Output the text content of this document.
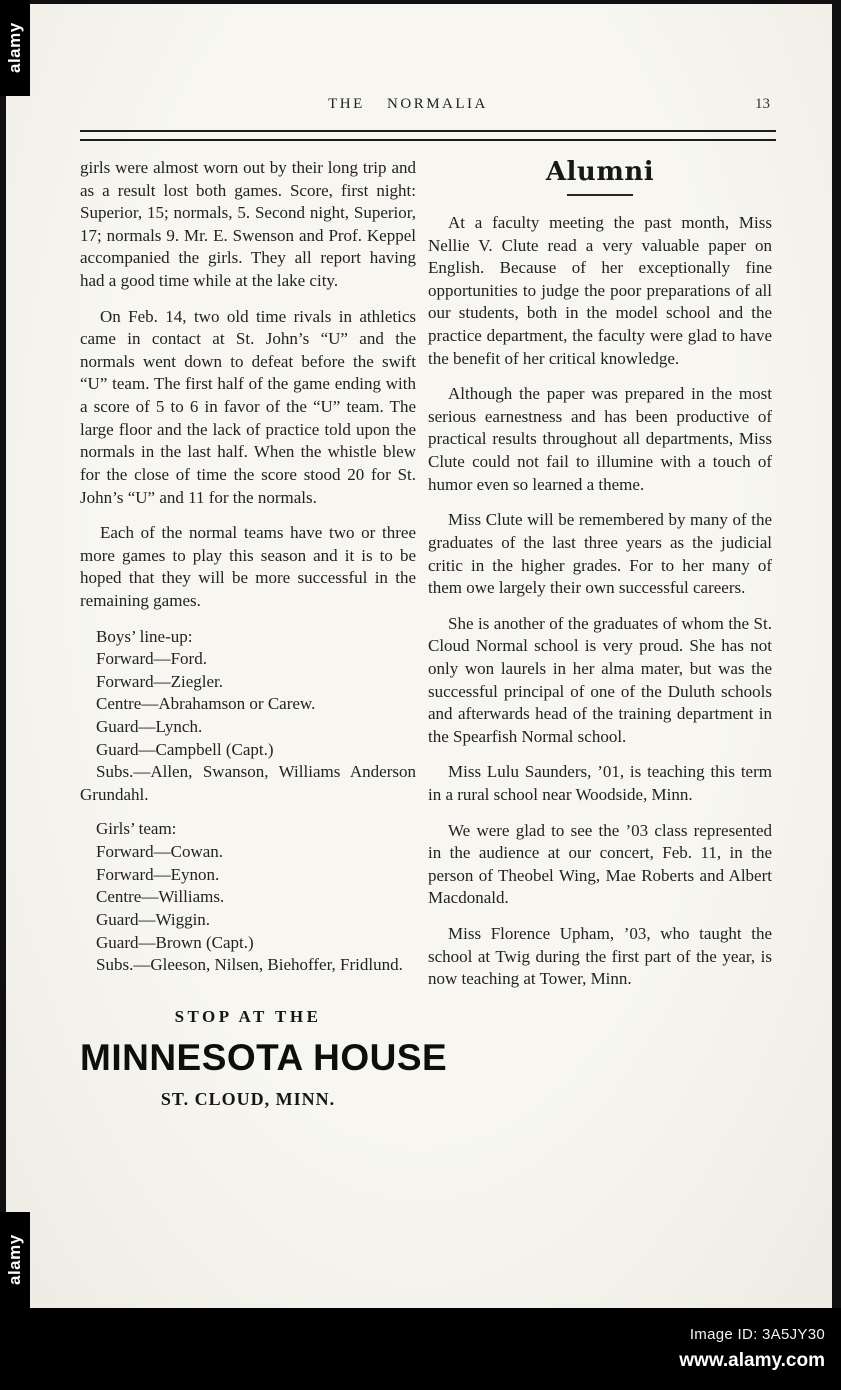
THE NORMALIA	13

girls were almost worn out by their long trip and as a result lost both games. Score, first night: Superior, 15; normals, 5. Second night, Superior, 17; normals 9. Mr. E. Swenson and Prof. Keppel accompanied the girls. They all report having had a good time while at the lake city.

On Feb. 14, two old time rivals in athletics came in contact at St. John’s “U” and the normals went down to defeat before the swift “U” team. The first half of the game ending with a score of 5 to 6 in favor of the “U” team. The large floor and the lack of practice told upon the normals in the last half. When the whistle blew for the close of time the score stood 20 for St. John’s “U” and 11 for the normals.

Each of the normal teams have two or three more games to play this season and it is to be hoped that they will be more successful in the remaining games.

Boys’ line-up:
Forward—Ford.
Forward—Ziegler.
Centre—Abrahamson or Carew.
Guard—Lynch.
Guard—Campbell (Capt.)
Subs.—Allen, Swanson, Williams Anderson Grundahl.
Girls’ team:
Forward—Cowan.
Forward—Eynon.
Centre—Williams.
Guard—Wiggin.
Guard—Brown (Capt.)
Subs.—Gleeson, Nilsen, Biehoffer, Fridlund.
STOP AT THE
MINNESOTA HOUSE
ST. CLOUD, MINN.
Alumni

At a faculty meeting the past month, Miss Nellie V. Clute read a very valuable paper on English. Because of her exceptionally fine opportunities to judge the poor preparations of all our students, both in the model school and the practice department, the faculty were glad to have the benefit of her critical knowledge.

Although the paper was prepared in the most serious earnestness and has been productive of practical results throughout all departments, Miss Clute could not fail to illumine with a touch of humor even so learned a theme.

Miss Clute will be remembered by many of the graduates of the last three years as the judicial critic in the higher grades. For to her many of them owe largely their own successful careers.

She is another of the graduates of whom the St. Cloud Normal school is very proud. She has not only won laurels in her alma mater, but was the successful principal of one of the Duluth schools and afterwards head of the training department in the Spearfish Normal school.

Miss Lulu Saunders, ’01, is teaching this term in a rural school near Woodside, Minn.

We were glad to see the ’03 class represented in the audience at our concert, Feb. 11, in the person of Theobel Wing, Mae Roberts and Albert Macdonald.

Miss Florence Upham, ’03, who taught the school at Twig during the first part of the year, is now teaching at Tower, Minn.

alamy
alamy
Image ID: 3A5JY30
www.alamy.com
